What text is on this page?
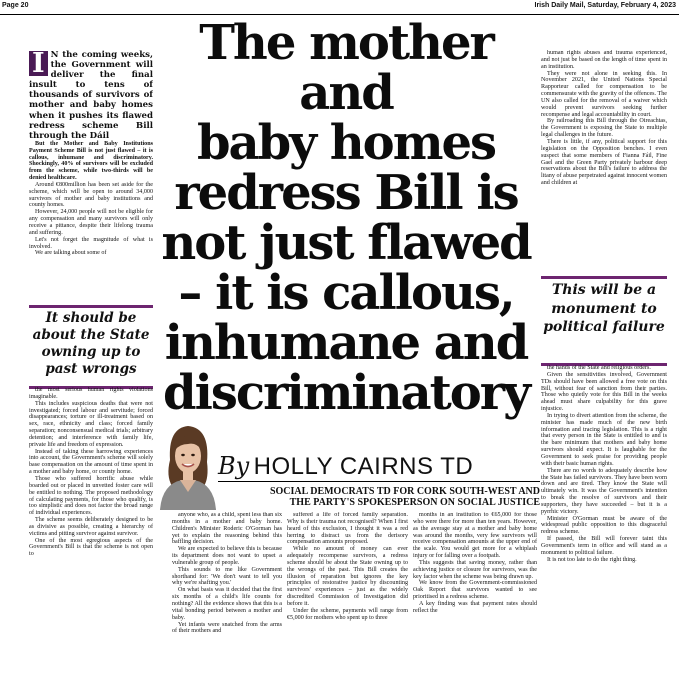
Page 20	Irish Daily Mail, Saturday, February 4, 2023
I N the coming weeks, the Government will deliver the final insult to tens of thousands of survivors of mother and baby homes when it pushes its flawed redress scheme Bill through the Dáil

But the Mother and Baby Institutions Payment Scheme Bill is not just flawed – it is callous, inhumane and discriminatory. Shockingly, 40% of survivors will be excluded from the scheme, while two-thirds will be denied healthcare.

Around €800million has been set aside for the scheme, which will be open to around 34,000 survivors of mother and baby institutions and county homes.

However, 24,000 people will not be eligible for any compensation and many survivors will only receive a pittance, despite their lifelong trauma and suffering.

Let's not forget the magnitude of what is involved.

We are talking about some of

It should be about the State owning up to past wrongs

the most serious human rights violations imaginable.

This includes suspicious deaths that were not investigated; forced labour and servitude; forced disappearances; torture or ill-treatment based on sex, race, ethnicity and class; forced family separation; nonconsensual medical trials; arbitrary detention; and interference with family life, private life and freedom of expression.

Instead of taking these harrowing experiences into account, the Government's scheme will solely base compensation on the amount of time spent in a mother and baby home, or county home.

Those who suffered horrific abuse while boarded out or placed in unvetted foster care will be entitled to nothing. The proposed methodology of calculating payments, for those who qualify, is too simplistic and does not factor the broad range of individual experiences.

The scheme seems deliberately designed to be as divisive as possible, creating a hierarchy of victims and pitting survivor against survivor.

One of the most egregious aspects of the Government's Bill is that the scheme is not open to

The mother and
baby homes
redress Bill is
not just flawed
– it is callous,
inhumane and
discriminatory
By HOLLY CAIRNS TD
SOCIAL DEMOCRATS TD FOR CORK SOUTH-WEST AND
THE PARTY'S SPOKESPERSON ON SOCIAL JUSTICE

anyone who, as a child, spent less than six months in a mother and baby home. Children's Minister Roderic O'Gorman has yet to explain the reasoning behind this baffling decision.

We are expected to believe this is because its department does not want to upset a vulnerable group of people.

This sounds to me like Government shorthand for: 'We don't want to tell you why we're shafting you.'

On what basis was it decided that the first six months of a child's life counts for nothing? All the evidence shows that this is a vital bonding period between a mother and baby.

Yet infants were snatched from the arms of their mothers and

suffered a life of forced family separation. Why is their trauma not recognised? When I first heard of this exclusion, I thought it was a red herring to distract us from the derisory compensation amounts proposed.

While no amount of money can ever adequately recompense survivors, a redress scheme should be about the State owning up to the wrongs of the past. This Bill creates the illusion of reparation but ignores the key principles of restorative justice by discounting survivors' experiences – just as the widely discredited Commission of Investigation did before it.

Under the scheme, payments will range from €5,000 for mothers who spent up to three

months in an institution to €65,000 for those who were there for more than ten years. However, as the average stay at a mother and baby home was around the months, very few survivors will receive compensation amounts at the upper end of the scale. You would get more for a whiplash injury or for falling over a footpath.

This suggests that saving money, rather than achieving justice or closure for survivors, was the key factor when the scheme was being drawn up.

We know from the Government-commissioned Oak Report that survivors wanted to see prioritised in a redress scheme.

A key finding was that payment rates should reflect the

human rights abuses and trauma experienced, and not just be based on the length of time spent in an institution.

They were not alone in seeking this. In November 2021, the United Nations Special Rapporteur called for compensation to be commensurate with the gravity of the offences. The UN also called for the removal of a waiver which would prevent survivors seeking further recompense and legal accountability in court.

By railroading this Bill through the Oireachtas, the Government is exposing the State to multiple legal challenges in the future.

There is little, if any, political support for this legislation on the Opposition benches. I even suspect that some members of Fianna Fáil, Fine Gael and the Green Party privately harbour deep reservations about the Bill's failure to address the litany of abuse perpetrated against innocent women and children at

This will be a monument to political failure

the hands of the State and religious orders.

Given the sensitivities involved, Government TDs should have been allowed a free vote on this Bill, without fear of sanction from their parties. Those who quietly vote for this Bill in the weeks ahead must share culpability for this grave injustice.

In trying to divert attention from the scheme, the minister has made much of the new birth information and tracing legislation. This is a right that every person in the State is entitled to and is the bare minimum that mothers and baby home survivors should expect. It is laughable for the Government to seek praise for providing people with their basic human rights.

There are no words to adequately describe how the State has failed survivors. They have been worn down and are tired. They know the State will ultimately win. It was the Government's intention to break the resolve of survivors and their supporters, they have succeeded – but it is a pyrrhic victory.

Minister O'Gorman must be aware of the widespread public opposition to this disgraceful redress scheme.

If passed, the Bill will forever taint this Government's term in office and will stand as a monument to political failure.

It is not too late to do the right thing.
